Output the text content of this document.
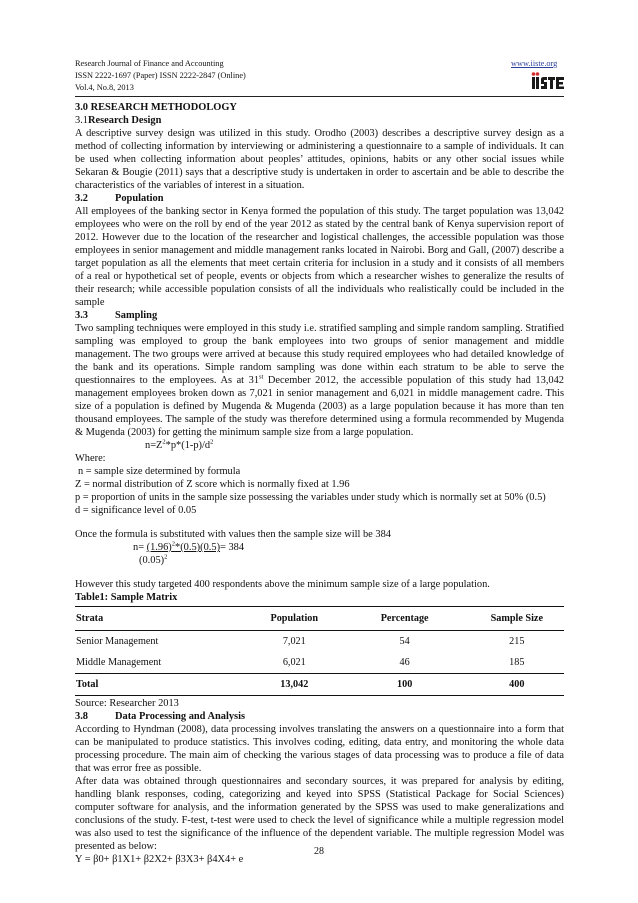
Research Journal of Finance and Accounting	www.iiste.org
ISSN 2222-1697 (Paper) ISSN 2222-2847 (Online)
Vol.4, No.8, 2013

3.0 RESEARCH METHODOLOGY

3.1Research Design

A descriptive survey design was utilized in this study. Orodho (2003) describes a descriptive survey design as a method of collecting information by interviewing or administering a questionnaire to a sample of individuals. It can be used when collecting information about peoples’ attitudes, opinions, habits or any other social issues while Sekaran & Bougie (2011) says that a descriptive study is undertaken in order to ascertain and be able to describe the characteristics of the variables of interest in a situation.

3.2	Population

All employees of the banking sector in Kenya formed the population of this study. The target population was 13,042 employees who were on the roll by end of the year 2012 as stated by the central bank of Kenya supervision report of 2012. However due to the location of the researcher and logistical challenges, the accessible population was those employees in senior management and middle management ranks located in Nairobi. Borg and Gall, (2007) describe a target population as all the elements that meet certain criteria for inclusion in a study and it consists of all members of a real or hypothetical set of people, events or objects from which a researcher wishes to generalize the results of their research; while accessible population consists of all the individuals who realistically could be included in the sample

3.3	Sampling

Two sampling techniques were employed in this study i.e. stratified sampling and simple random sampling. Stratified sampling was employed to group the bank employees into two groups of senior management and middle management. The two groups were arrived at because this study required employees who had detailed knowledge of the bank and its operations. Simple random sampling was done within each stratum to be able to serve the questionnaires to the employees. As at 31st December 2012, the accessible population of this study had 13,042 management employees broken down as 7,021 in senior management and 6,021 in middle management cadre. This size of a population is defined by Mugenda & Mugenda (2003) as a large population because it has more than ten thousand employees. The sample of the study was therefore determined using a formula recommended by Mugenda & Mugenda (2003) for getting the minimum sample size from a large population.

$n=Z^2*p*(1-p)/d^2$

Where:

n = sample size determined by formula

Z = normal distribution of Z score which is normally fixed at 1.96

p = proportion of units in the sample size possessing the variables under study which is normally set at 50% (0.5)

d = significance level of 0.05

Once the formula is substituted with values then the sample size will be 384

$n= (1.96)^2*(0.5)(0.5)= 384$

$(0.05)^2$

However this study targeted 400 respondents above the minimum sample size of a large population.

Table1: Sample Matrix

Strata	Population	Percentage	Sample Size
Senior Management	7,021	54	215
Middle Management	6,021	46	185
Total	13,042	100	400

Source: Researcher 2013

3.8	Data Processing and Analysis

According to Hyndman (2008), data processing involves translating the answers on a questionnaire into a form that can be manipulated to produce statistics. This involves coding, editing, data entry, and monitoring the whole data processing procedure. The main aim of checking the various stages of data processing was to produce a file of data that was error free as possible.

After data was obtained through questionnaires and secondary sources, it was prepared for analysis by editing, handling blank responses, coding, categorizing and keyed into SPSS (Statistical Package for Social Sciences) computer software for analysis, and the information generated by the SPSS was used to make generalizations and conclusions of the study. F-test, t-test were used to check the level of significance while a multiple regression model was also used to test the significance of the influence of the dependent variable. The multiple regression Model was presented as below:

Y = β0+ β1X1+ β2X2+ β3X3+ β4X4+ e

28
